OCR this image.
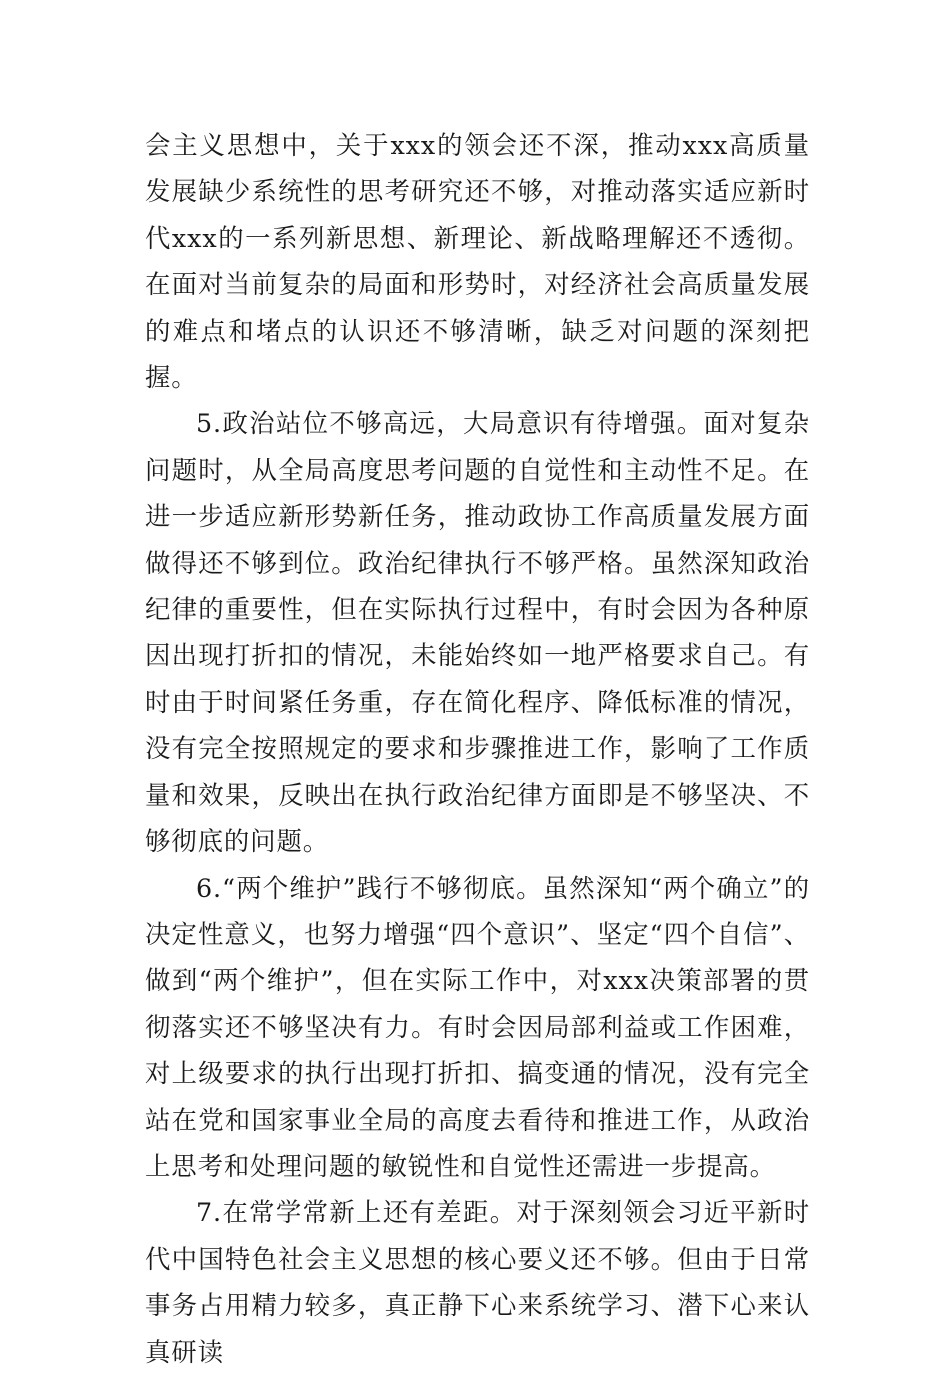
会主义思想中，关于xxx的领会还不深，推动xxx高质量发展缺少系统性的思考研究还不够，对推动落实适应新时代xxx的一系列新思想、新理论、新战略理解还不透彻。在面对当前复杂的局面和形势时，对经济社会高质量发展的难点和堵点的认识还不够清晰，缺乏对问题的深刻把握。

5.政治站位不够高远，大局意识有待增强。面对复杂问题时，从全局高度思考问题的自觉性和主动性不足。在进一步适应新形势新任务，推动政协工作高质量发展方面做得还不够到位。政治纪律执行不够严格。虽然深知政治纪律的重要性，但在实际执行过程中，有时会因为各种原因出现打折扣的情况，未能始终如一地严格要求自己。有时由于时间紧任务重，存在简化程序、降低标准的情况，没有完全按照规定的要求和步骤推进工作，影响了工作质量和效果，反映出在执行政治纪律方面即是不够坚决、不够彻底的问题。

6.“两个维护”践行不够彻底。虽然深知“两个确立”的决定性意义，也努力增强“四个意识”、坚定“四个自信”、做到“两个维护”，但在实际工作中，对xxx决策部署的贯彻落实还不够坚决有力。有时会因局部利益或工作困难，对上级要求的执行出现打折扣、搞变通的情况，没有完全站在党和国家事业全局的高度去看待和推进工作，从政治上思考和处理问题的敏锐性和自觉性还需进一步提高。

7.在常学常新上还有差距。对于深刻领会习近平新时代中国特色社会主义思想的核心要义还不够。但由于日常事务占用精力较多，真正静下心来系统学习、潜下心来认真研读
